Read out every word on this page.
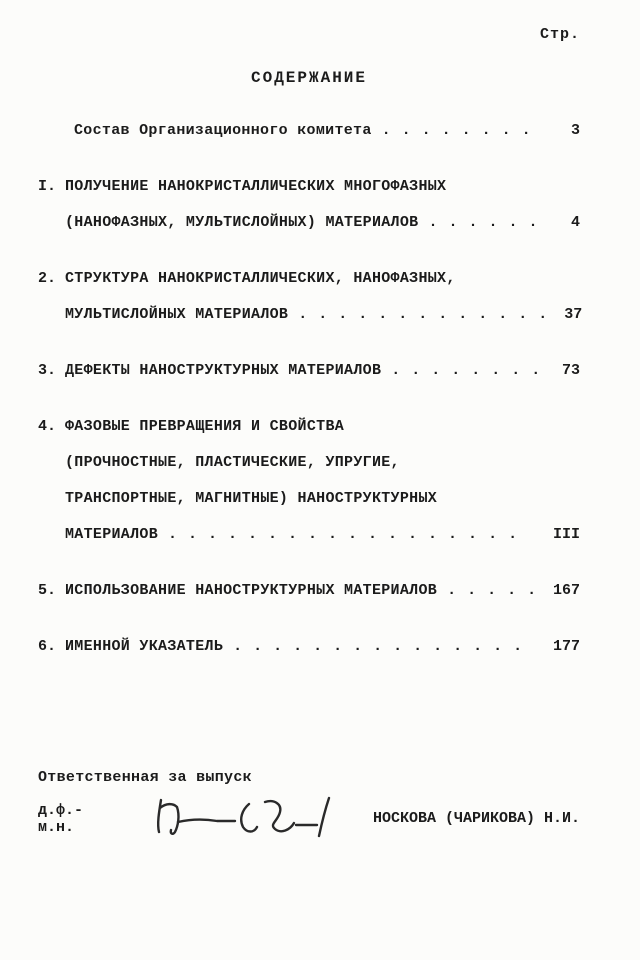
Стр.
СОДЕРЖАНИЕ
Состав Организационного комитета . . . . . . . .	3
I. ПОЛУЧЕНИЕ НАНОКРИСТАЛЛИЧЕСКИХ МНОГОФАЗНЫХ
(НАНОФАЗНЫХ, МУЛЬТИСЛОЙНЫХ) МАТЕРИАЛОВ . . . . . .	4
2. СТРУКТУРА НАНОКРИСТАЛЛИЧЕСКИХ, НАНОФАЗНЫХ,
МУЛЬТИСЛОЙНЫХ МАТЕРИАЛОВ . . . . . . . . . . . . .	37
3. ДЕФЕКТЫ НАНОСТРУКТУРНЫХ МАТЕРИАЛОВ . . . . . . . .	73
4. ФАЗОВЫЕ ПРЕВРАЩЕНИЯ И СВОЙСТВА
(ПРОЧНОСТНЫЕ, ПЛАСТИЧЕСКИЕ, УПРУГИЕ,
ТРАНСПОРТНЫЕ, МАГНИТНЫЕ) НАНОСТРУКТУРНЫХ
МАТЕРИАЛОВ . . . . . . . . . . . . . . . . . .	III
5. ИСПОЛЬЗОВАНИЕ НАНОСТРУКТУРНЫХ МАТЕРИАЛОВ . . . . .	167
6. ИМЕННОЙ УКАЗАТЕЛЬ . . . . . . . . . . . . . . .	177
Ответственная за выпуск
д.ф.-м.н.	НОСКОВА (ЧАРИКОВА) Н.И.
